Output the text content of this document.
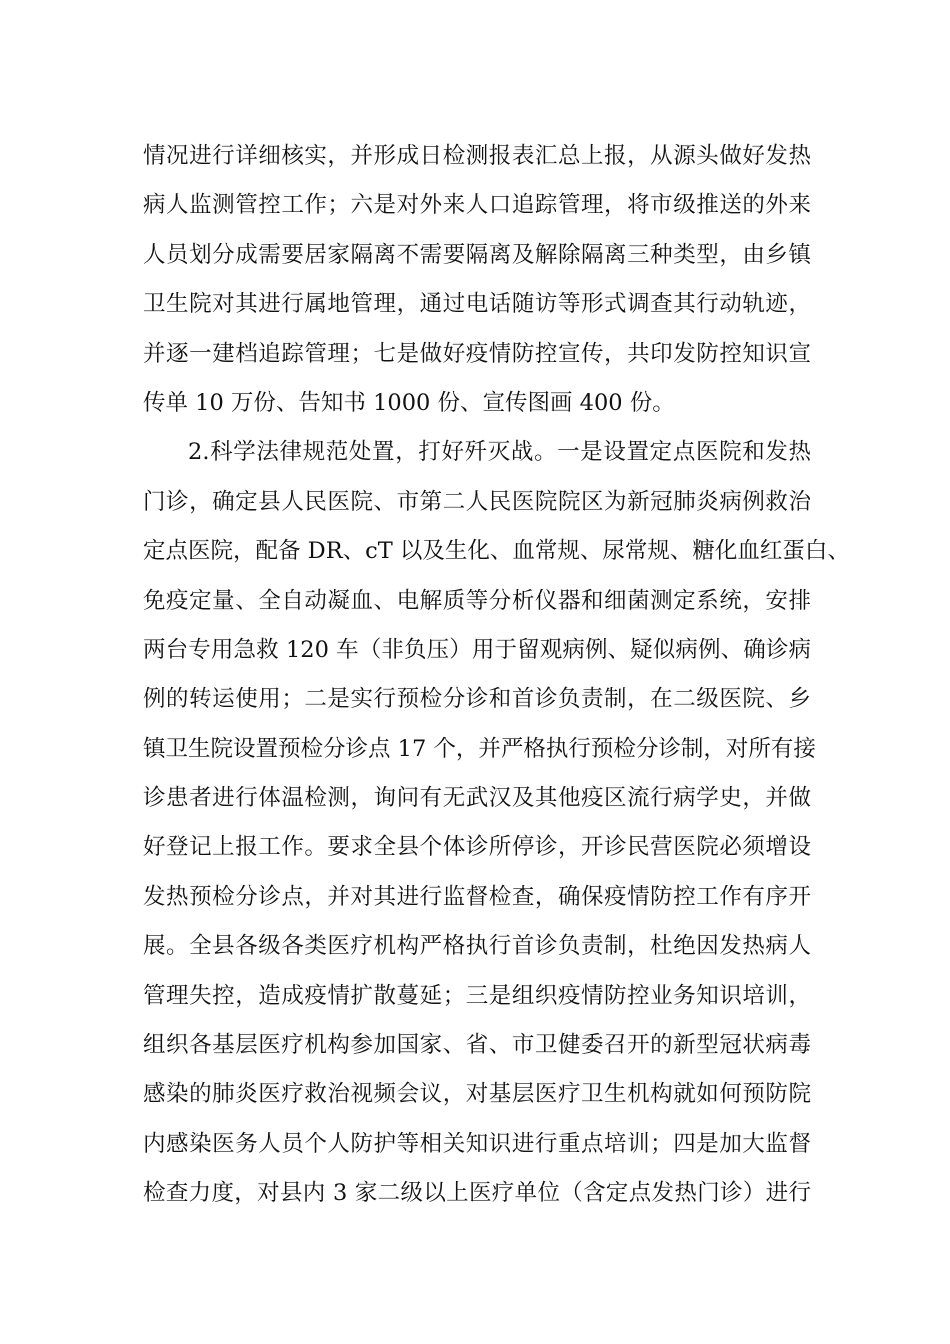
情况进行详细核实，并形成日检测报表汇总上报，从源头做好发热
病人监测管控工作；六是对外来人口追踪管理，将市级推送的外来
人员划分成需要居家隔离不需要隔离及解除隔离三种类型，由乡镇
卫生院对其进行属地管理，通过电话随访等形式调查其行动轨迹，
并逐一建档追踪管理；七是做好疫情防控宣传，共印发防控知识宣
传单 10 万份、告知书 1000 份、宣传图画 400 份。
2.科学法律规范处置，打好歼灭战。一是设置定点医院和发热
门诊，确定县人民医院、市第二人民医院院区为新冠肺炎病例救治
定点医院，配备 DR、cT 以及生化、血常规、尿常规、糖化血红蛋白、
免疫定量、全自动凝血、电解质等分析仪器和细菌测定系统，安排
两台专用急救 120 车（非负压）用于留观病例、疑似病例、确诊病
例的转运使用；二是实行预检分诊和首诊负责制，在二级医院、乡
镇卫生院设置预检分诊点 17 个，并严格执行预检分诊制，对所有接
诊患者进行体温检测，询问有无武汉及其他疫区流行病学史，并做
好登记上报工作。要求全县个体诊所停诊，开诊民营医院必须增设
发热预检分诊点，并对其进行监督检查，确保疫情防控工作有序开
展。全县各级各类医疗机构严格执行首诊负责制，杜绝因发热病人
管理失控，造成疫情扩散蔓延；三是组织疫情防控业务知识培训，
组织各基层医疗机构参加国家、省、市卫健委召开的新型冠状病毒
感染的肺炎医疗救治视频会议，对基层医疗卫生机构就如何预防院
内感染医务人员个人防护等相关知识进行重点培训；四是加大监督
检查力度，对县内 3 家二级以上医疗单位（含定点发热门诊）进行
